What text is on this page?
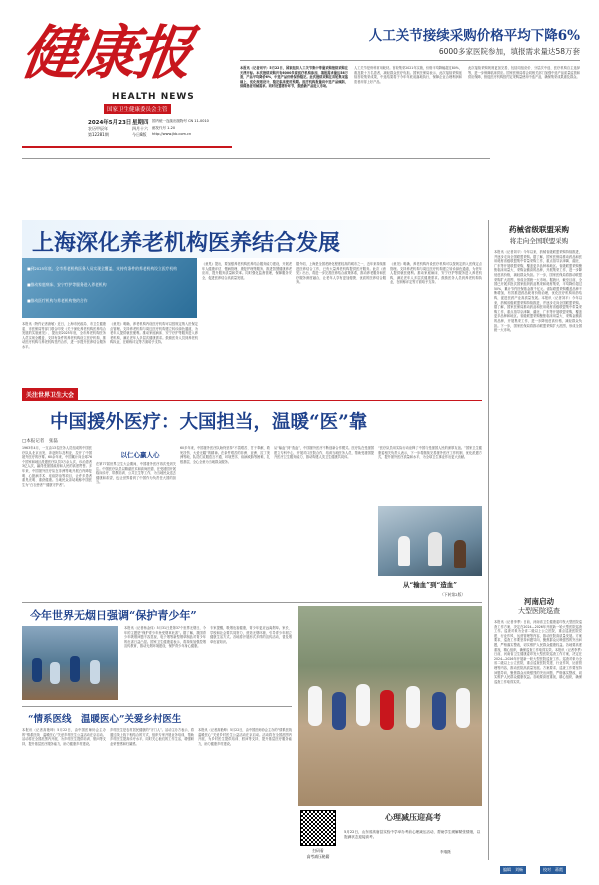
健康报
HEALTH NEWS
国家卫生健康委员会主管
2024年5月23日 星期四
农历甲辰年	四月十六
第12281期	今日8版
国内统一连续出版物号 CN 11-0010
邮发代号 1-20
http://www.jkb.com.cn
人工关节接续采购价格平均下降6%
6000多家医院参加，填报需求量达58万套
本报讯（记者刘平）5月22日，国家组织人工关节集中带量采购接续采购在天津开标。本次接续采购共有6000多家医疗机构参加，填报需求量达58万套，产品平均降价6%，中选产品价格保持稳定。此次接续采购在首轮集采基础上，优化规则设计，稳定临床使用预期。医疗机构报量向中选产品倾斜，保障患者用械需求。同时设置增补环节，鼓励新产品进入市场。
人工关节是骨科常用耗材。首轮集采2021年实施，价格平均降幅超过80%，惠及数十万名患者，减轻群众医疗负担。国家医保局表示，此次接续采购延续首轮集采成果，中选结果将于今年年底前落地执行，保障企业合理利润和患者用得上好产品。
此次接续采购规则更加完善，包括同组竞价、分层次中选、医疗机构自主选择等，进一步保障临床供应。国家医保局将会同相关部门加强中选产品质量监管和供应保障，督促医疗机构按约定采购量使用中选产品，确保集采成果惠及群众。
上海深化养老机构医养结合发展
■到2025年底，全市养老机构医务人员实现全覆盖，支持有条件的养老机构设立医疗机构
■推动家庭病床、安宁疗护等服务进入养老机构
■推动医疗机构与养老机构签约合作
本报讯（特约记者唐敏）近日，上海市民政局、市卫生健康委、市医保局等部门联合印发《关于深化养老机构医养结合发展的实施意见》，提出到2025年底，全市养老机构医务人员实现全覆盖，支持有条件的养老机构设立医疗机构，推动医疗机构与养老机构签约合作，进一步提升医养结合服务水平。
《意见》明确，养老机构内设医疗机构可以按规定纳入医保定点管理。支持养老机构与周边医疗机构建立转诊绿色通道，为老年人提供就医便利。推动家庭病床、安宁疗护等服务进入养老机构，满足老年人多层次健康需求。鼓励医务人员到养老机构执业，在职称评定等方面给予支持。
《意见》提出，要加强养老机构医养结合服务能力建设，开展老年人健康评估、慢病管理、康复护理等服务，推进智慧健康养老应用，提升服务质量和效率。同时强化监督管理，保障服务安全，促进医养结合高质量发展。
据介绍，上海是全国老龄化程度较高的城市之一，近年来持续推进医养结合工作，已有大量养老机构提供医疗服务。此次《意见》出台，将进一步完善医养结合政策体系，推动养老服务和医疗服务深度融合，让老年人享有更加便捷、优质的医养结合服务。
《意见》明确，养老机构内设医疗机构可以按规定纳入医保定点管理。支持养老机构与周边医疗机构建立转诊绿色通道，为老年人提供就医便利。推动家庭病床、安宁疗护等服务进入养老机构，满足老年人多层次健康需求。鼓励医务人员到养老机构执业，在职称评定等方面给予支持。
药械省级联盟采购
将走向全国联盟采购
本报讯（记者刘平）今年以来，药械省级联盟采购持续推进，并逐步走向全国联盟采购。据了解，国家医保局推动药品和医用耗材省级联盟集中带量采购工作，重点指导京津冀、湖北、广东等开展联盟采购，覆盖更多品种和地区。省级联盟采购聚焦临床用量大、采购金额高的品种，开展集采工作，进一步降低虚高价格，减轻群众负担。下一步，国家医保局将推动联盟采购扩大范围，形成全国统一大市场。据统计，截至目前，全国已开展多批次国家组织药品集采和耗材集采，平均降价超过50%，累计节约医保基金数千亿元。省际联盟采购覆盖品种不断增加，有效推进药品耗材价格治理，优化医疗机构用药结构，促进医药产业高质量发展。本报讯（记者刘平）今年以来，药械省级联盟采购持续推进，并逐步走向全国联盟采购。据了解，国家医保局推动药品和医用耗材省级联盟集中带量采购工作，重点指导京津冀、湖北、广东等开展联盟采购，覆盖更多品种和地区。省级联盟采购聚焦临床用量大、采购金额高的品种，开展集采工作，进一步降低虚高价格，减轻群众负担。下一步，国家医保局将推动联盟采购扩大范围，形成全国统一大市场。
关注世界卫生大会
中国援外医疗：大国担当，温暖“医”靠
□本报记者　张磊
1963年4月，一支由13名医务人员组成的中国医疗队从北京出发，奔赴阿尔及利亚，拉开了中国援外医疗的序幕。60余年来，中国累计向全球76个国家和地区派遣医疗队员3万余人次，诊治患者3亿人次，赢得受援国政府和人民的高度赞誉。多年来，中国援外医疗队在非洲等地开展白内障复明、心脏病手术、疟疾防治等项目，让许多患者重见光明、重获健康。当地民众亲切地称中国医生为“白衣使者”“健康守护者”。
以仁心赢人心
在第77届世界卫生大会期间，中国援外医疗再次受到关注。中国医疗队员以精湛医术和高尚医德，在受援国开展临床诊疗、带教培训、公共卫生等工作，为当地民众送去健康和希望，也让世界看到了中国作为负责任大国的担当。
60多年来，中国援外医疗队始终坚持“不畏艰苦、甘于奉献、救死扶伤、大爱无疆”的精神。在条件艰苦的非洲、亚洲、拉丁美洲等地，队员们克服语言不通、环境恶劣、疾病威胁等困难，扎根基层，全心全意为当地群众服务。
从“输血”到“造血”，中国援外医疗不断创新合作模式。医疗队在受援国建立专科中心，开展对口医院合作，培训当地医务人员，帮助受援国提升医疗卫生服务能力，推动构建人类卫生健康共同体。
“医疗队员用实际行动诠释了中国与受援国人民的深厚友谊。”国家卫生健康委相关负责人表示，下一步将继续完善援外医疗工作机制，优化派遣方式，提升援外医疗质量和水平，为全球卫生事业作出更大贡献。
从“输血”到“造血”
（下转第2版）
河南启动
大型医院巡查
本报讯（记者李季）日前，河南省卫生健康委印发大型医院巡查工作方案，决定在2024—2026年开展新一轮大型医院巡查工作。巡查对象为全省二级以上公立医院，重点巡查医院党建、行业作风、运营管理等内容，推动医院高质量发展。方案要求，巡查工作要坚持问题导向，聚焦群众反映强烈的突出问题，严格落实整改，切实维护人民群众健康权益。各地要高度重视，精心组织，确保巡查工作取得实效。本报讯（记者李季）日前，河南省卫生健康委印发大型医院巡查工作方案，决定在2024—2026年开展新一轮大型医院巡查工作。巡查对象为全省二级以上公立医院，重点巡查医院党建、行业作风、运营管理等内容，推动医院高质量发展。方案要求，巡查工作要坚持问题导向，聚焦群众反映强烈的突出问题，严格落实整改，切实维护人民群众健康权益。各地要高度重视，精心组织，确保巡查工作取得实效。
今年世界无烟日强调“保护青少年”
本报讯（记者杨金伟）5月31日是第37个世界无烟日，今年的主题是“保护青少年免受烟草危害”。据了解，我国青少年吸烟问题不容忽视，电子烟等新型烟草制品对青少年的危害日益凸显。国家卫生健康委表示，将持续加强控烟宣传教育，推动无烟环境建设，保护青少年身心健康。
专家提醒，吸烟危害健康，青少年更应远离烟草。家长、学校和社会要共同努力，营造无烟环境，引导青少年树立健康生活方式。各地将开展形式多样的宣传活动，普及烟草危害知识。
“情系医线　温暖医心”关爱乡村医生
本报讯（记者高艳坤）5月22日，由中国医师协会主办的“情系医线　温暖医心”关爱乡村医生公益活动在京启动。活动将在全国范围内开展，为乡村医生提供培训、慰问等支持，提升基层医疗服务能力，助力健康乡村建设。
乡村医生是农村居民健康的“守门人”。活动主办方表示，将通过线上线下相结合的方式，组织专家开展业务培训，帮助乡村医生提高诊疗水平，同时关心他们的工作生活，增强职业荣誉感和归属感。
本报讯（记者高艳坤）5月22日，由中国医师协会主办的“情系医线　温暖医心”关爱乡村医生公益活动在京启动。活动将在全国范围内开展，为乡村医生提供培训、慰问等支持，提升基层医疗服务能力，助力健康乡村建设。
扫码看
高考减压秘籍
心理减压迎高考
5月22日，山东省高唐县实验中学举办考前心理减压活动，帮助学生缓解紧张情绪，以饱满状态迎接高考。
李瑞摄
编辑　刘畅	校对　蒋霞
